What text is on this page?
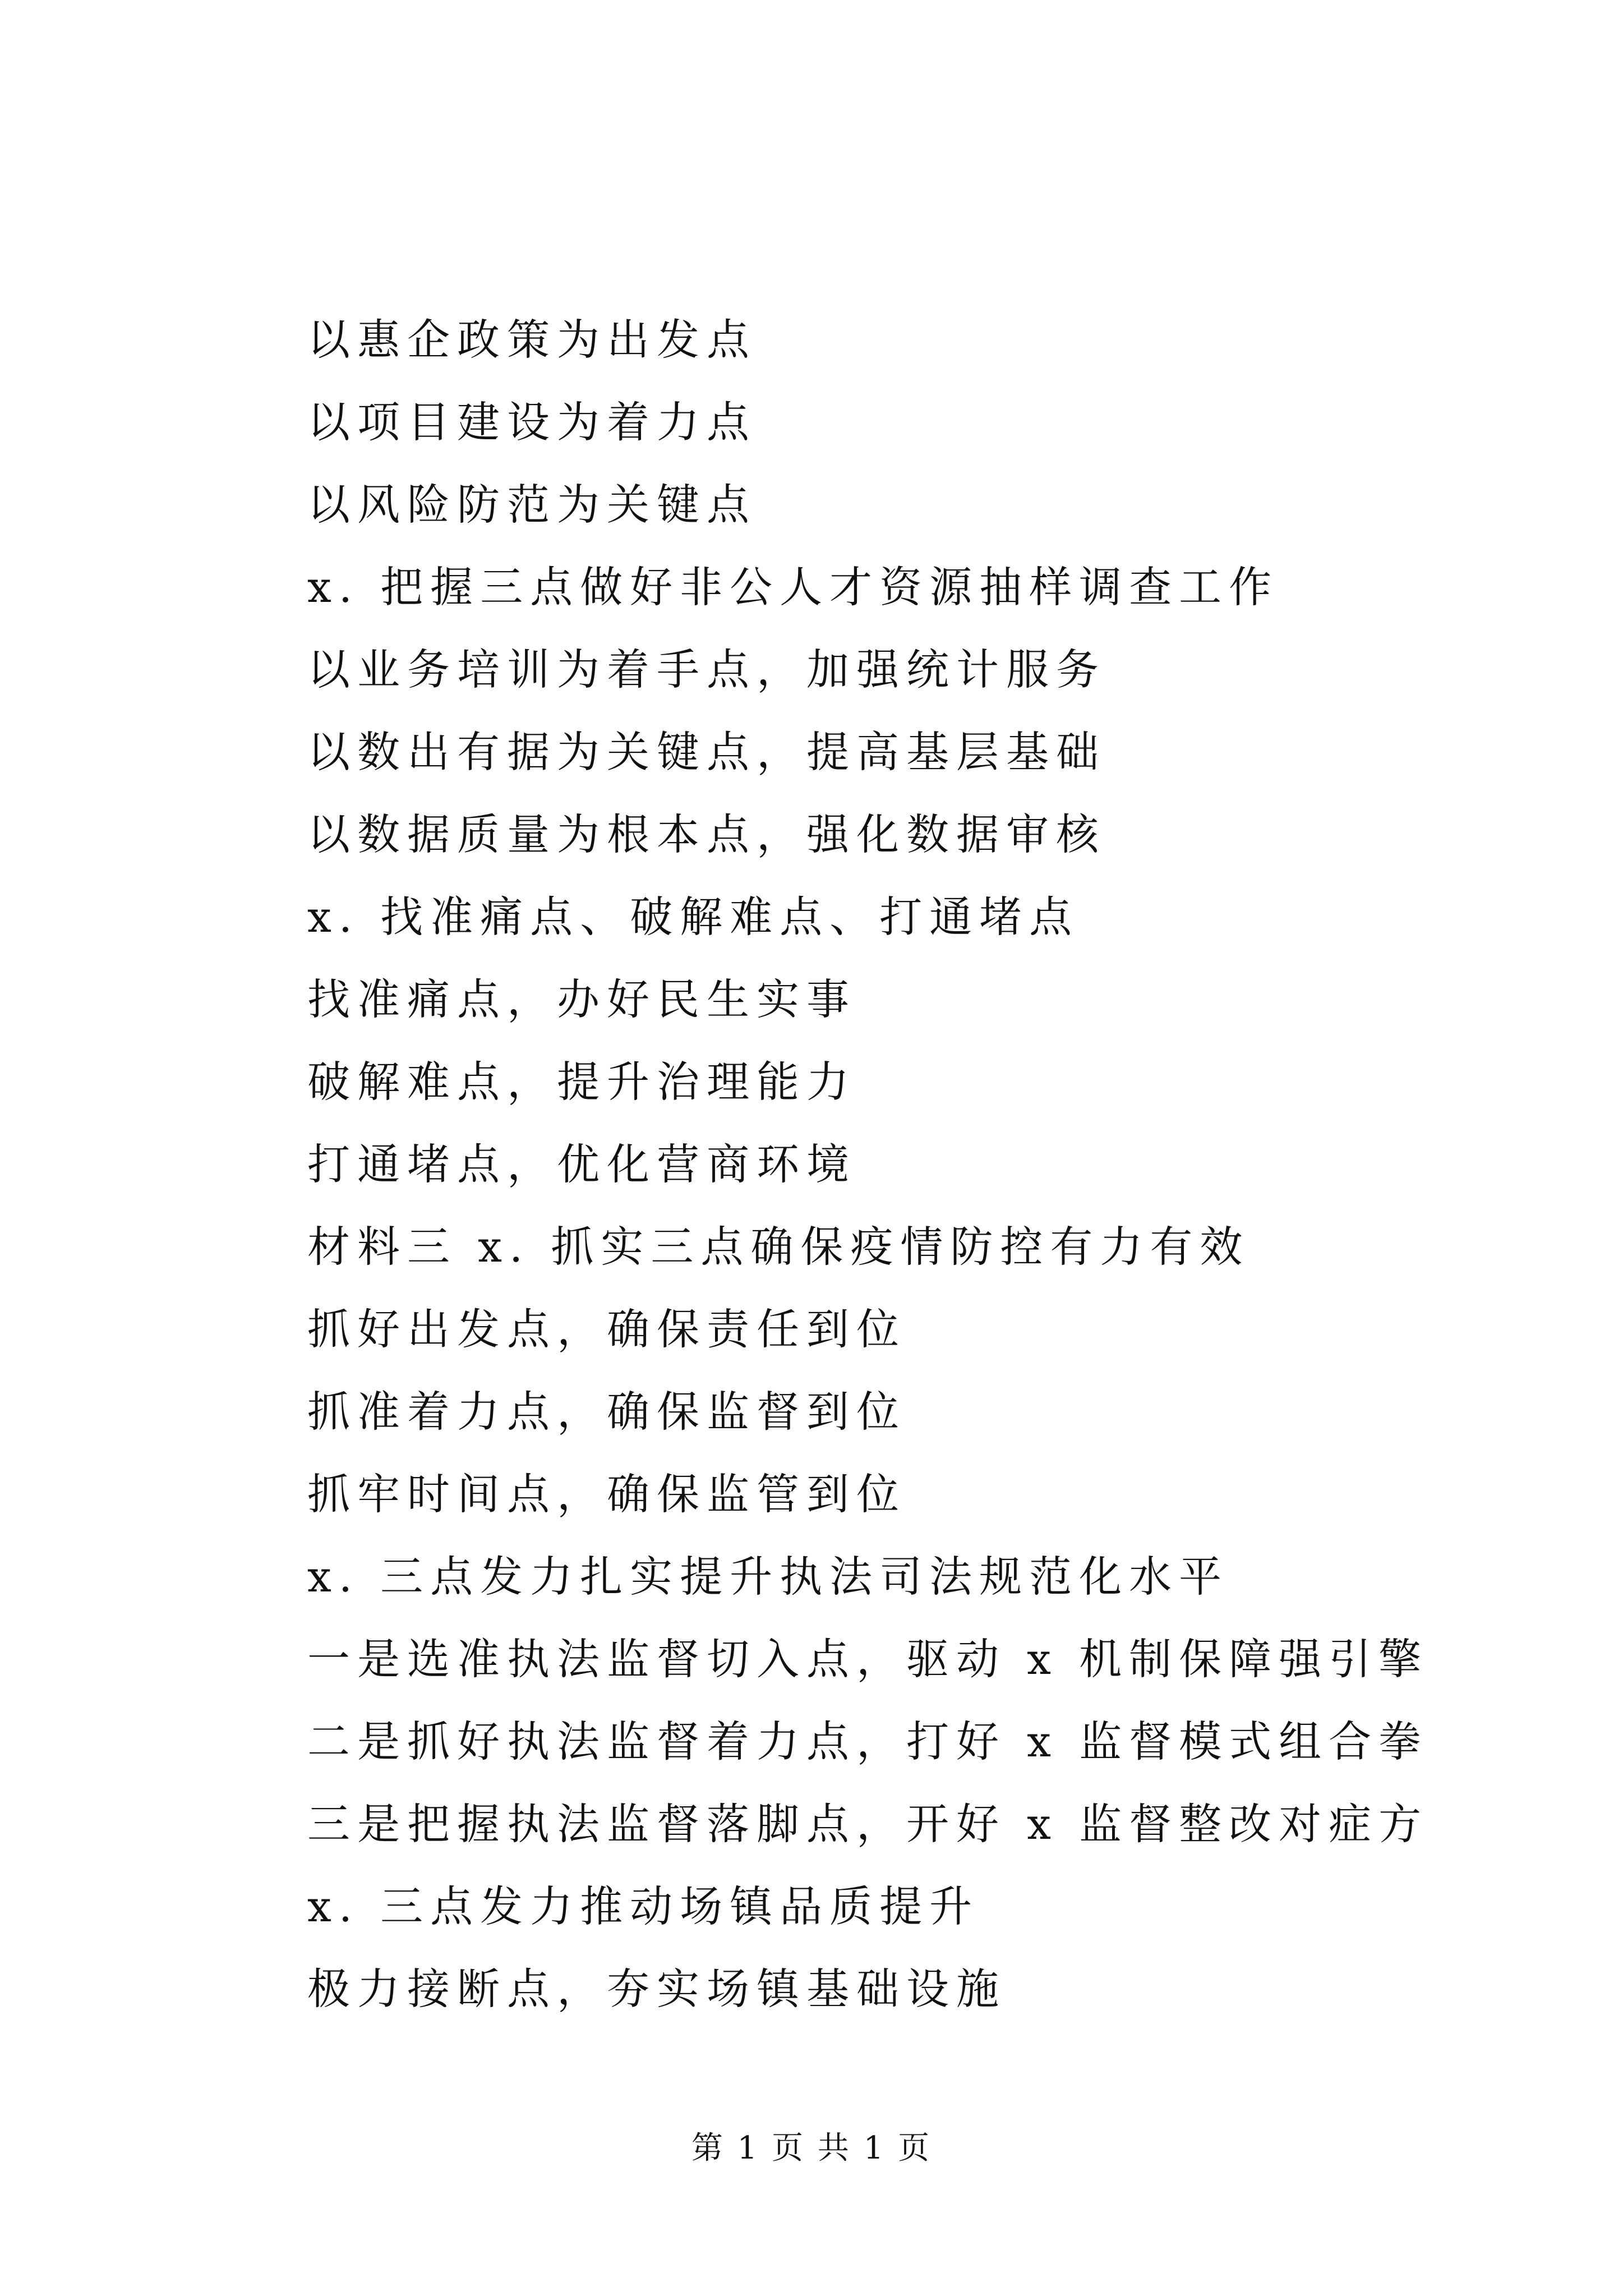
以惠企政策为出发点
以项目建设为着力点
以风险防范为关键点
x. 把握三点做好非公人才资源抽样调查工作
以业务培训为着手点，加强统计服务
以数出有据为关键点，提高基层基础
以数据质量为根本点，强化数据审核
x. 找准痛点、破解难点、打通堵点
找准痛点，办好民生实事
破解难点，提升治理能力
打通堵点，优化营商环境
材料三 x. 抓实三点确保疫情防控有力有效
抓好出发点，确保责任到位
抓准着力点，确保监督到位
抓牢时间点，确保监管到位
x. 三点发力扎实提升执法司法规范化水平
一是选准执法监督切入点，驱动 x 机制保障强引擎
二是抓好执法监督着力点，打好 x 监督模式组合拳
三是把握执法监督落脚点，开好 x 监督整改对症方
x. 三点发力推动场镇品质提升
极力接断点，夯实场镇基础设施
第 1 页 共 1 页
